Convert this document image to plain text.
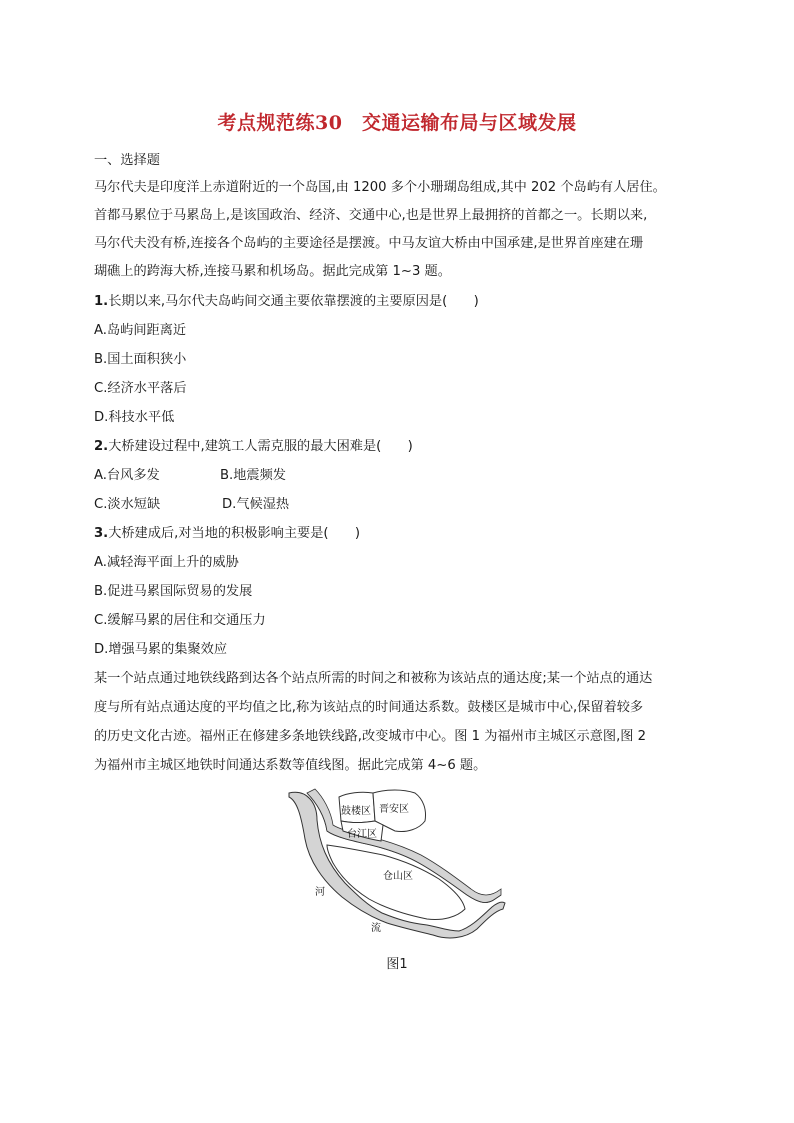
考点规范练30　交通运输布局与区域发展
一、选择题
马尔代夫是印度洋上赤道附近的一个岛国,由 1200 多个小珊瑚岛组成,其中 202 个岛屿有人居住。
首都马累位于马累岛上,是该国政治、经济、交通中心,也是世界上最拥挤的首都之一。长期以来,
马尔代夫没有桥,连接各个岛屿的主要途径是摆渡。中马友谊大桥由中国承建,是世界首座建在珊
瑚礁上的跨海大桥,连接马累和机场岛。据此完成第 1~3 题。
1.长期以来,马尔代夫岛屿间交通主要依靠摆渡的主要原因是(　　)
A.岛屿间距离近
B.国土面积狭小
C.经济水平落后
D.科技水平低
2.大桥建设过程中,建筑工人需克服的最大困难是(　　)
A.台风多发	B.地震频发
C.淡水短缺	D.气候湿热
3.大桥建成后,对当地的积极影响主要是(　　)
A.减轻海平面上升的威胁
B.促进马累国际贸易的发展
C.缓解马累的居住和交通压力
D.增强马累的集聚效应
某一个站点通过地铁线路到达各个站点所需的时间之和被称为该站点的通达度;某一个站点的通达
度与所有站点通达度的平均值之比,称为该站点的时间通达系数。鼓楼区是城市中心,保留着较多
的历史文化古迹。福州正在修建多条地铁线路,改变城市中心。图 1 为福州市主城区示意图,图 2
为福州市主城区地铁时间通达系数等值线图。据此完成第 4~6 题。
鼓楼区 晋安区
台江区
仓山区
河
流
图1
